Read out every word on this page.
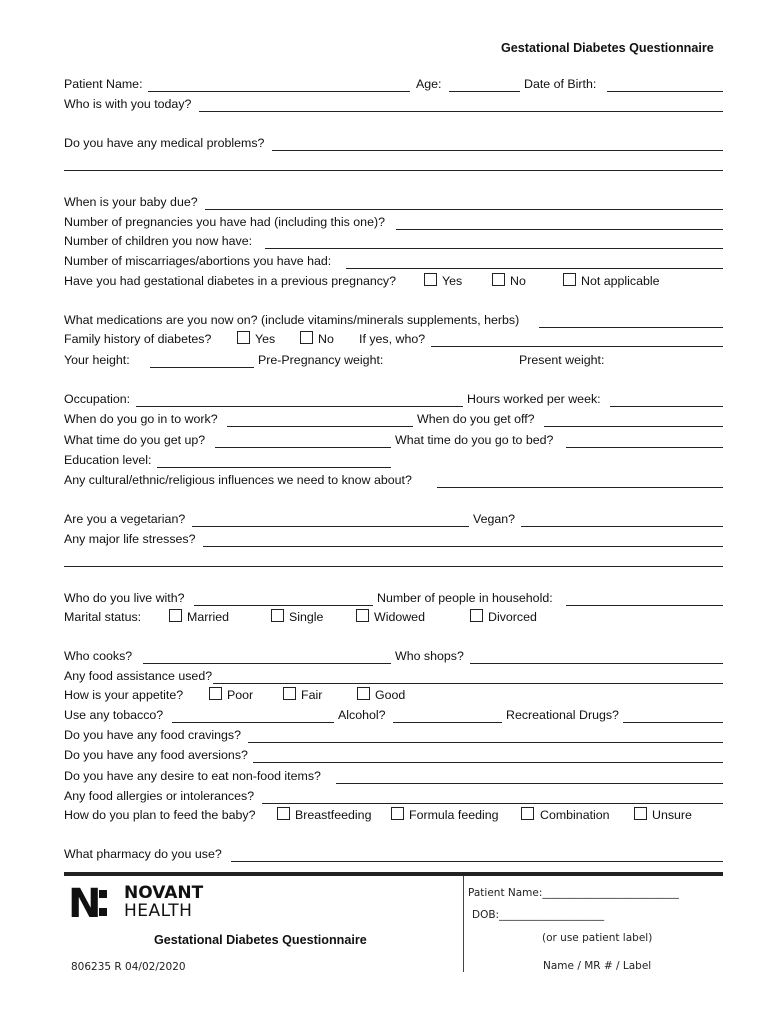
Gestational Diabetes Questionnaire
Patient Name:	Age:	Date of Birth:
Who is with you today?
Do you have any medical problems?
When is your baby due?
Number of pregnancies you have had (including this one)?
Number of children you now have:
Number of miscarriages/abortions you have had:
Have you had gestational diabetes in a previous pregnancy?	Yes	No	Not applicable
What medications are you now on? (include vitamins/minerals supplements, herbs)
Family history of diabetes?	Yes	No If yes, who?
Your height:	Pre-Pregnancy weight:	Present weight:
Occupation:	Hours worked per week:
When do you go in to work?	When do you get off?
What time do you get up?	What time do you go to bed?
Education level:
Any cultural/ethnic/religious influences we need to know about?
Are you a vegetarian?	Vegan?
Any major life stresses?
Who do you live with?	Number of people in household:
Marital status:	Married	Single	Widowed	Divorced
Who cooks?	Who shops?
Any food assistance used?
How is your appetite?	Poor	Fair	Good
Use any tobacco?	Alcohol?	Recreational Drugs?
Do you have any food cravings?
Do you have any food aversions?
Do you have any desire to eat non-food items?
Any food allergies or intolerances?
How do you plan to feed the baby?	Breastfeeding	Formula feeding	Combination	Unsure
What pharmacy do you use?
N NOVANT
HEALTH
Gestational Diabetes Questionnaire
806235 R 04/02/2020
Patient Name:__________________________
DOB:____________________
(or use patient label)
Name / MR # / Label
